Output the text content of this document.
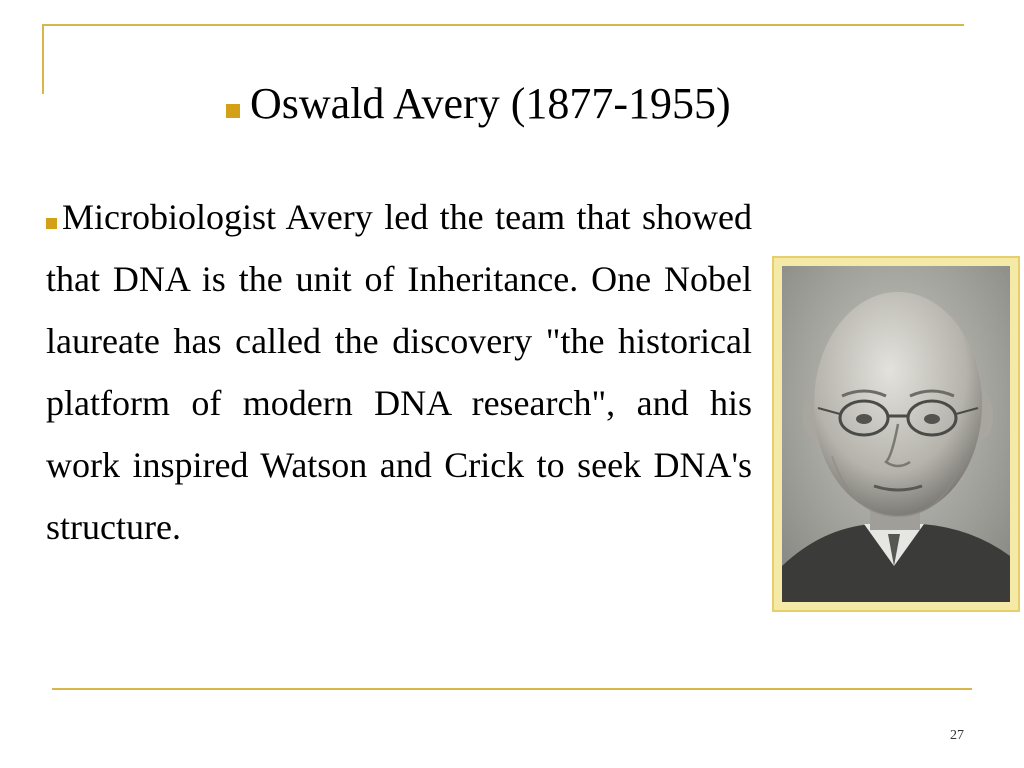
Oswald Avery (1877-1955)
Microbiologist Avery led the team that showed that DNA is the unit of Inheritance. One Nobel laureate has called the discovery "the historical platform of modern DNA research", and his work inspired Watson and Crick to seek DNA's structure.
27
